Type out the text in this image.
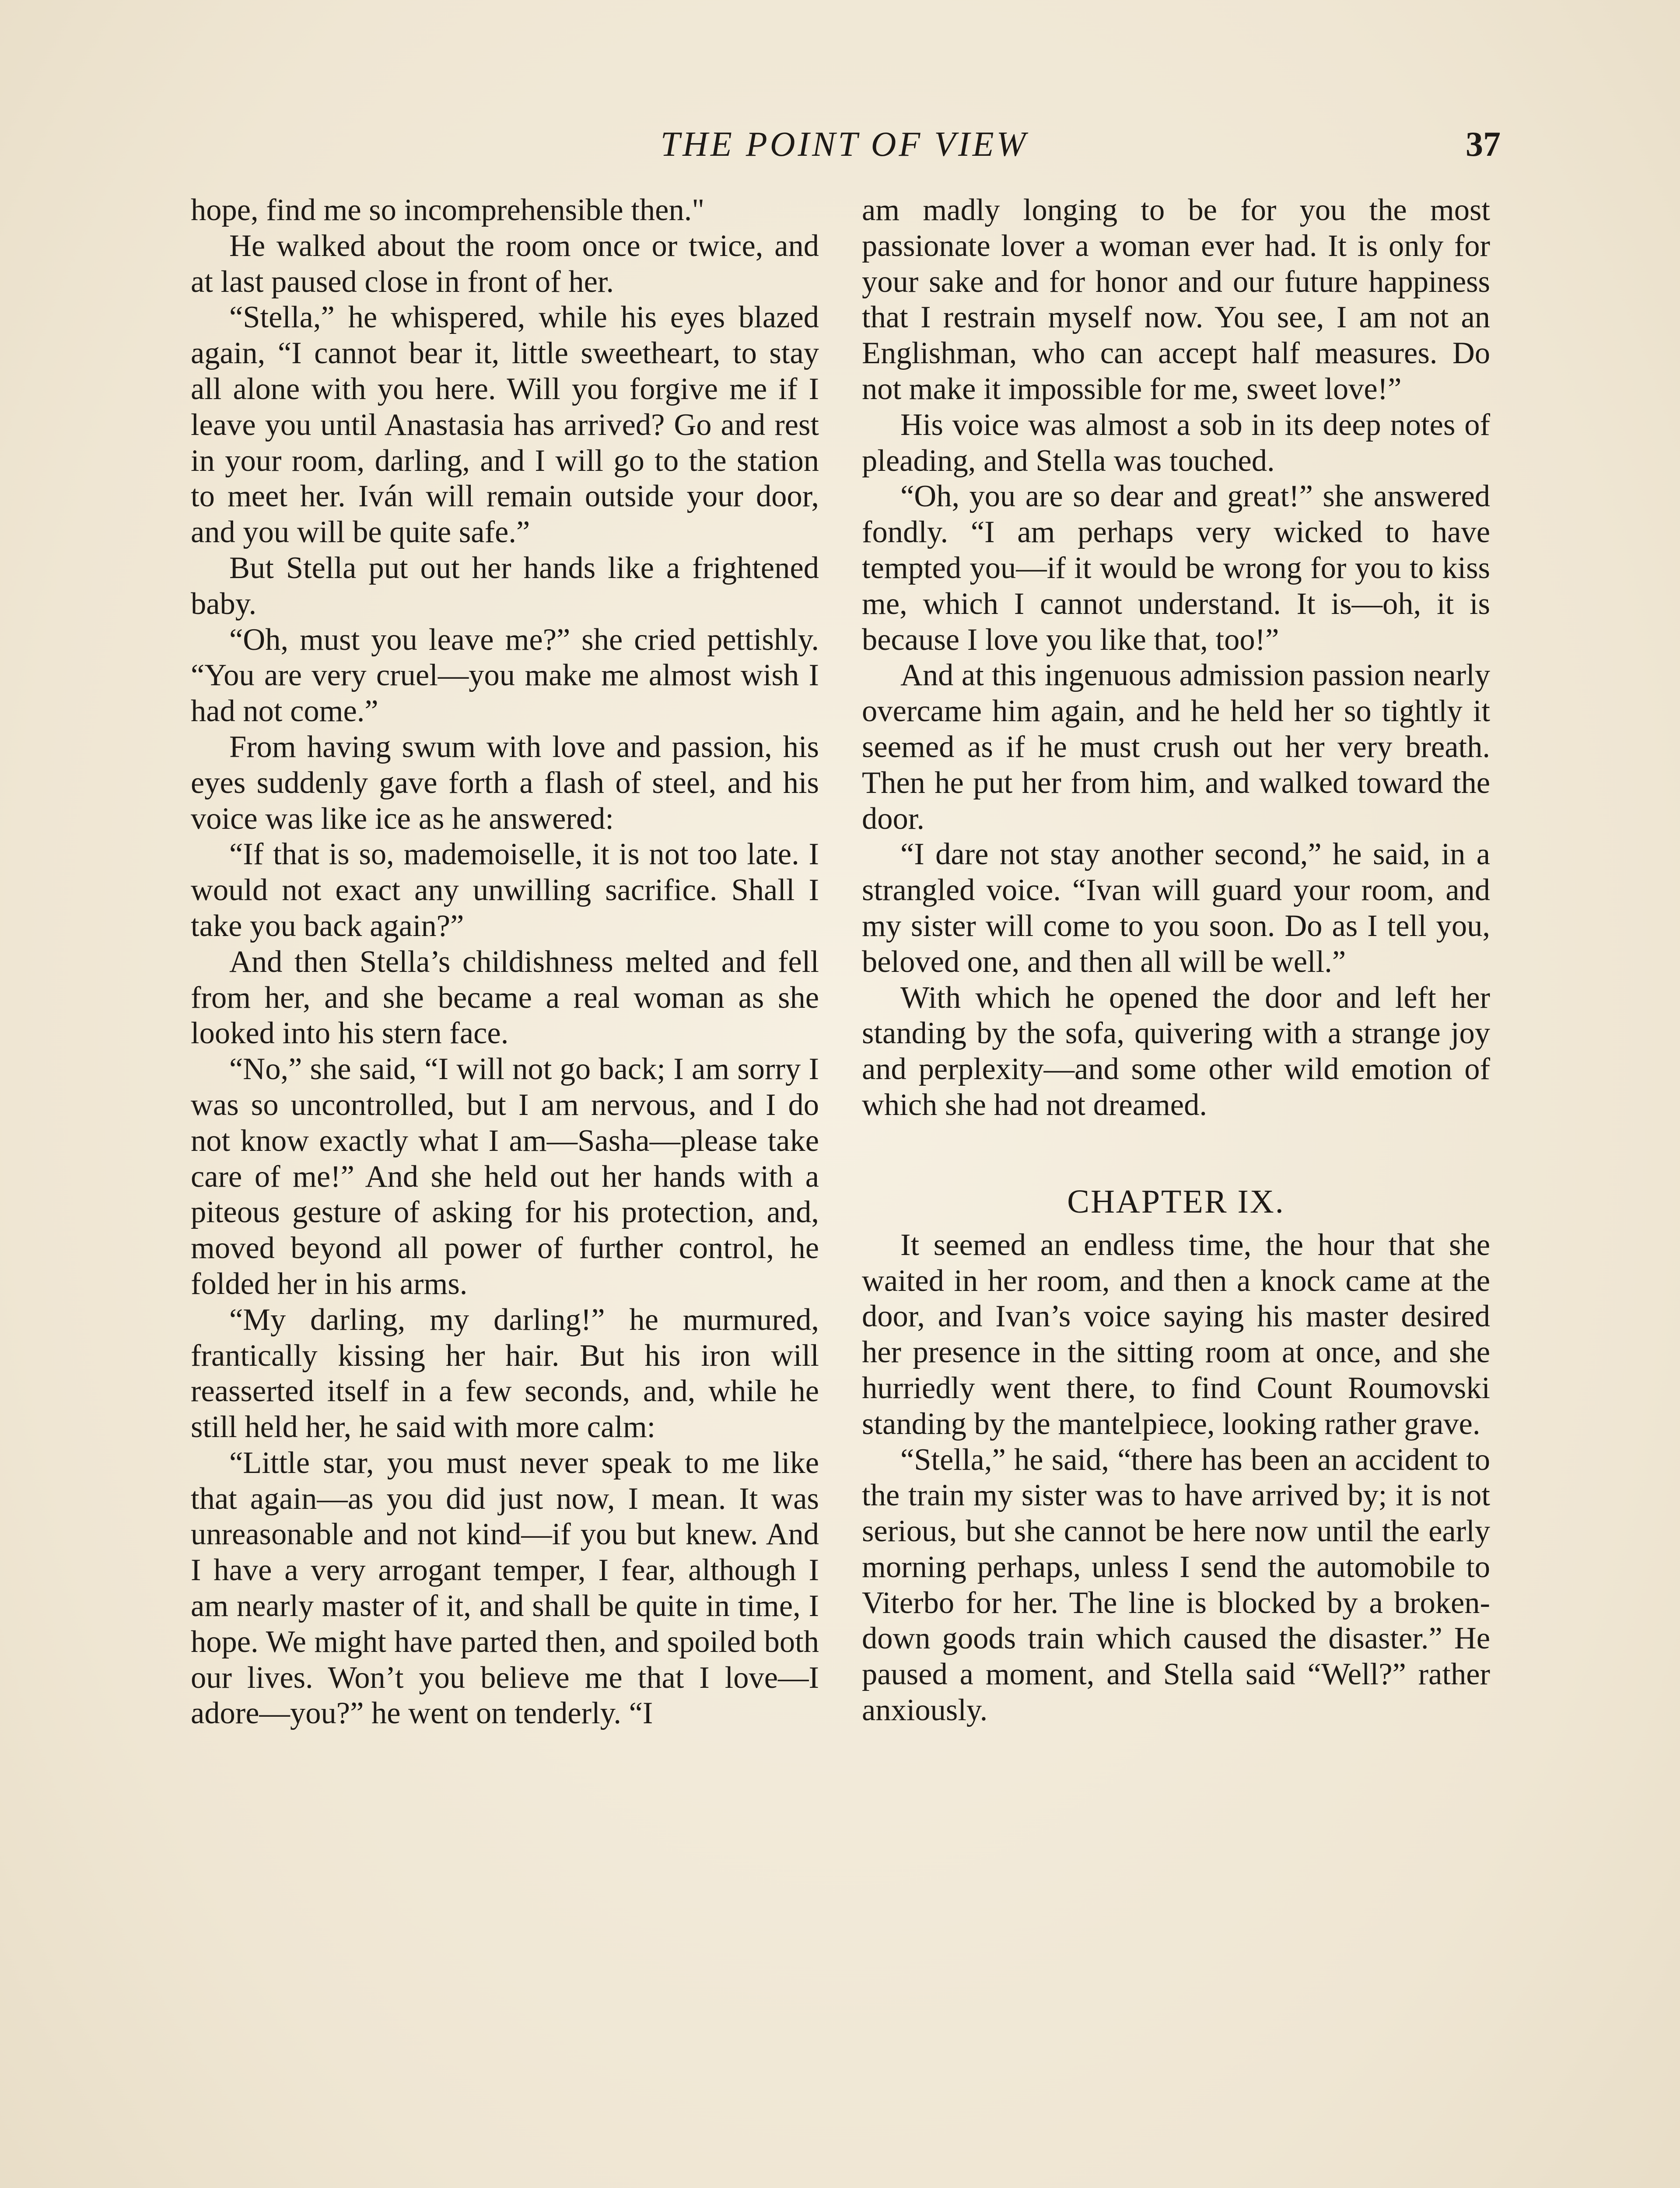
THE POINT OF VIEW	37

hope, find me so incomprehensible then."

He walked about the room once or twice, and at last paused close in front of her.

“Stella,” he whispered, while his eyes blazed again, “I cannot bear it, little sweetheart, to stay all alone with you here. Will you forgive me if I leave you until Anastasia has arrived? Go and rest in your room, darling, and I will go to the station to meet her. Iván will remain outside your door, and you will be quite safe.”

But Stella put out her hands like a frightened baby.

“Oh, must you leave me?” she cried pettishly. “You are very cruel—you make me almost wish I had not come.”

From having swum with love and passion, his eyes suddenly gave forth a flash of steel, and his voice was like ice as he answered:

“If that is so, mademoiselle, it is not too late. I would not exact any unwilling sacrifice. Shall I take you back again?”

And then Stella’s childishness melted and fell from her, and she became a real woman as she looked into his stern face.

“No,” she said, “I will not go back; I am sorry I was so uncontrolled, but I am nervous, and I do not know exactly what I am—Sasha—please take care of me!” And she held out her hands with a piteous gesture of asking for his protection, and, moved beyond all power of further control, he folded her in his arms.

“My darling, my darling!” he murmured, frantically kissing her hair. But his iron will reasserted itself in a few seconds, and, while he still held her, he said with more calm:

“Little star, you must never speak to me like that again—as you did just now, I mean. It was unreasonable and not kind—if you but knew. And I have a very arrogant temper, I fear, although I am nearly master of it, and shall be quite in time, I hope. We might have parted then, and spoiled both our lives. Won’t you believe me that I love—I adore—you?” he went on tenderly. “I

am madly longing to be for you the most passionate lover a woman ever had. It is only for your sake and for honor and our future happiness that I restrain myself now. You see, I am not an Englishman, who can accept half measures. Do not make it impossible for me, sweet love!”

His voice was almost a sob in its deep notes of pleading, and Stella was touched.

“Oh, you are so dear and great!” she answered fondly. “I am perhaps very wicked to have tempted you—if it would be wrong for you to kiss me, which I cannot understand. It is—oh, it is because I love you like that, too!”

And at this ingenuous admission passion nearly overcame him again, and he held her so tightly it seemed as if he must crush out her very breath. Then he put her from him, and walked toward the door.

“I dare not stay another second,” he said, in a strangled voice. “Ivan will guard your room, and my sister will come to you soon. Do as I tell you, beloved one, and then all will be well.”

With which he opened the door and left her standing by the sofa, quivering with a strange joy and perplexity—and some other wild emotion of which she had not dreamed.

CHAPTER IX.

It seemed an endless time, the hour that she waited in her room, and then a knock came at the door, and Ivan’s voice saying his master desired her presence in the sitting room at once, and she hurriedly went there, to find Count Roumovski standing by the mantelpiece, looking rather grave.

“Stella,” he said, “there has been an accident to the train my sister was to have arrived by; it is not serious, but she cannot be here now until the early morning perhaps, unless I send the automobile to Viterbo for her. The line is blocked by a broken-down goods train which caused the disaster.” He paused a moment, and Stella said “Well?” rather anxiously.
